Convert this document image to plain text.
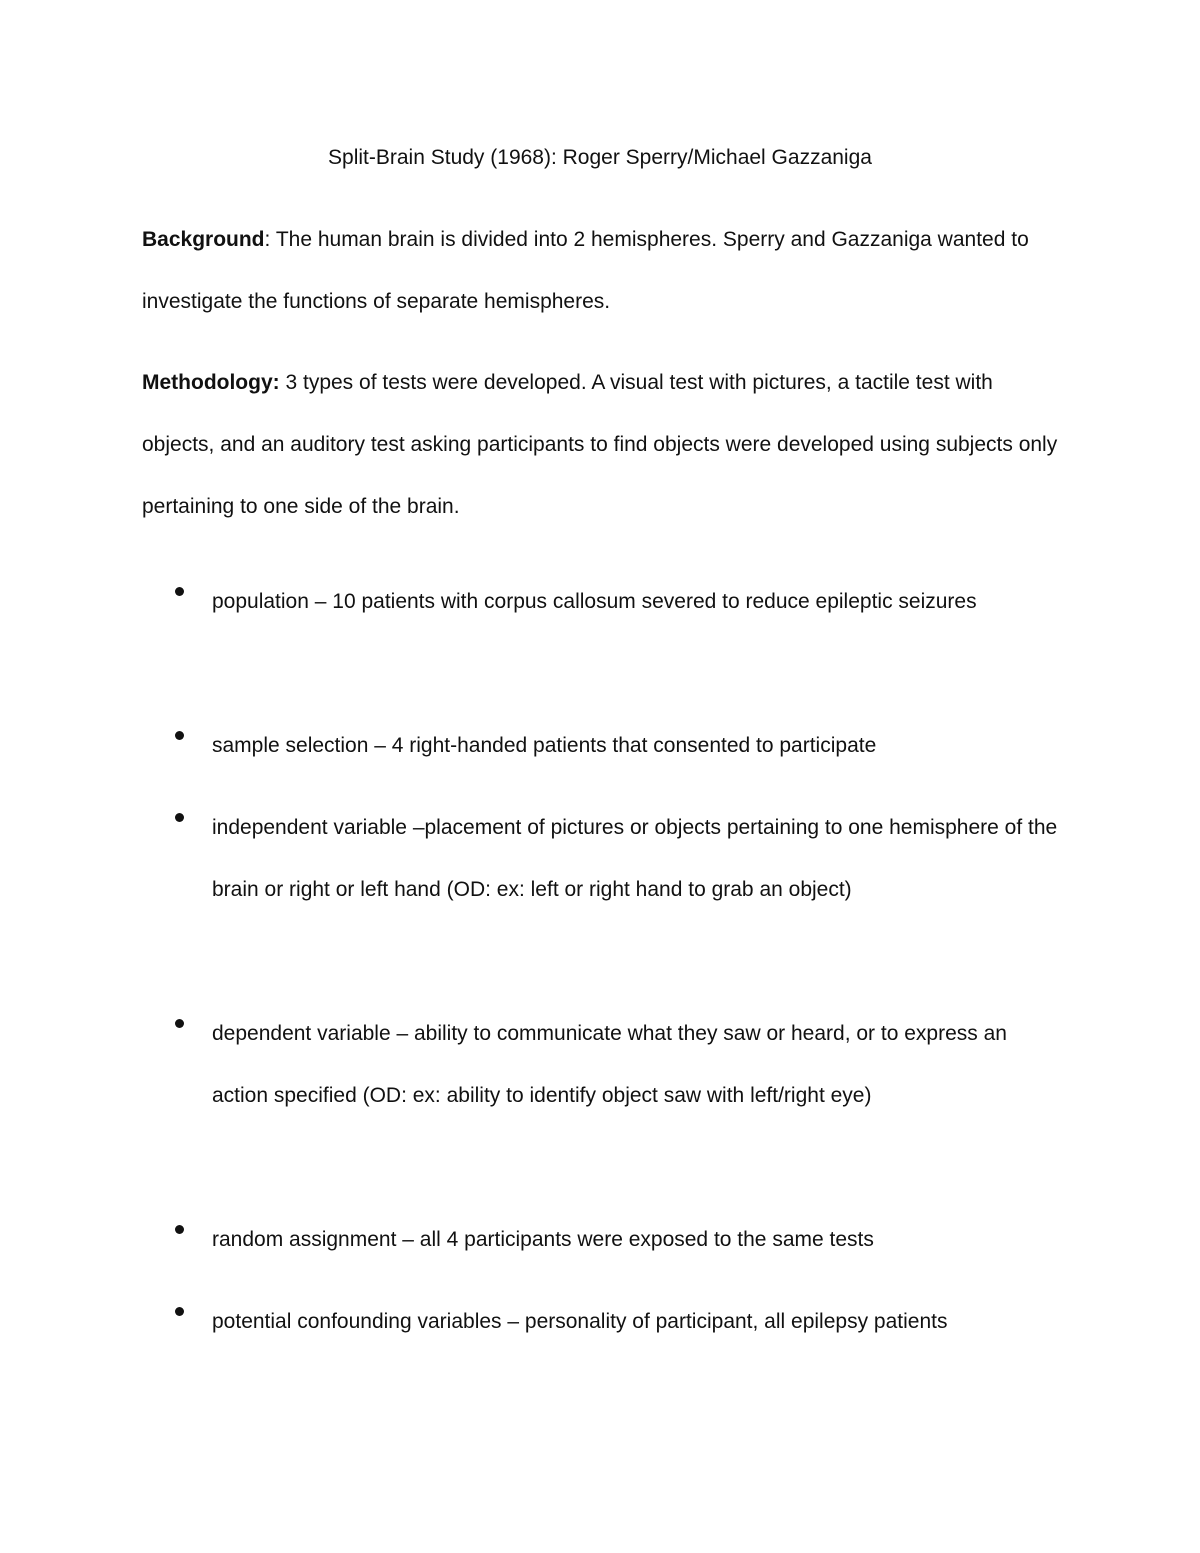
Split-Brain Study (1968): Roger Sperry/Michael Gazzaniga
Background: The human brain is divided into 2 hemispheres. Sperry and Gazzaniga wanted to investigate the functions of separate hemispheres.
Methodology: 3 types of tests were developed. A visual test with pictures, a tactile test with objects, and an auditory test asking participants to find objects were developed using subjects only pertaining to one side of the brain.
population – 10 patients with corpus callosum severed to reduce epileptic seizures
sample selection – 4 right-handed patients that consented to participate
independent variable –placement of pictures or objects pertaining to one hemisphere of the brain or right or left hand (OD: ex: left or right hand to grab an object)
dependent variable – ability to communicate what they saw or heard, or to express an action specified (OD: ex: ability to identify object saw with left/right eye)
random assignment – all 4 participants were exposed to the same tests
potential confounding variables – personality of participant, all epilepsy patients
